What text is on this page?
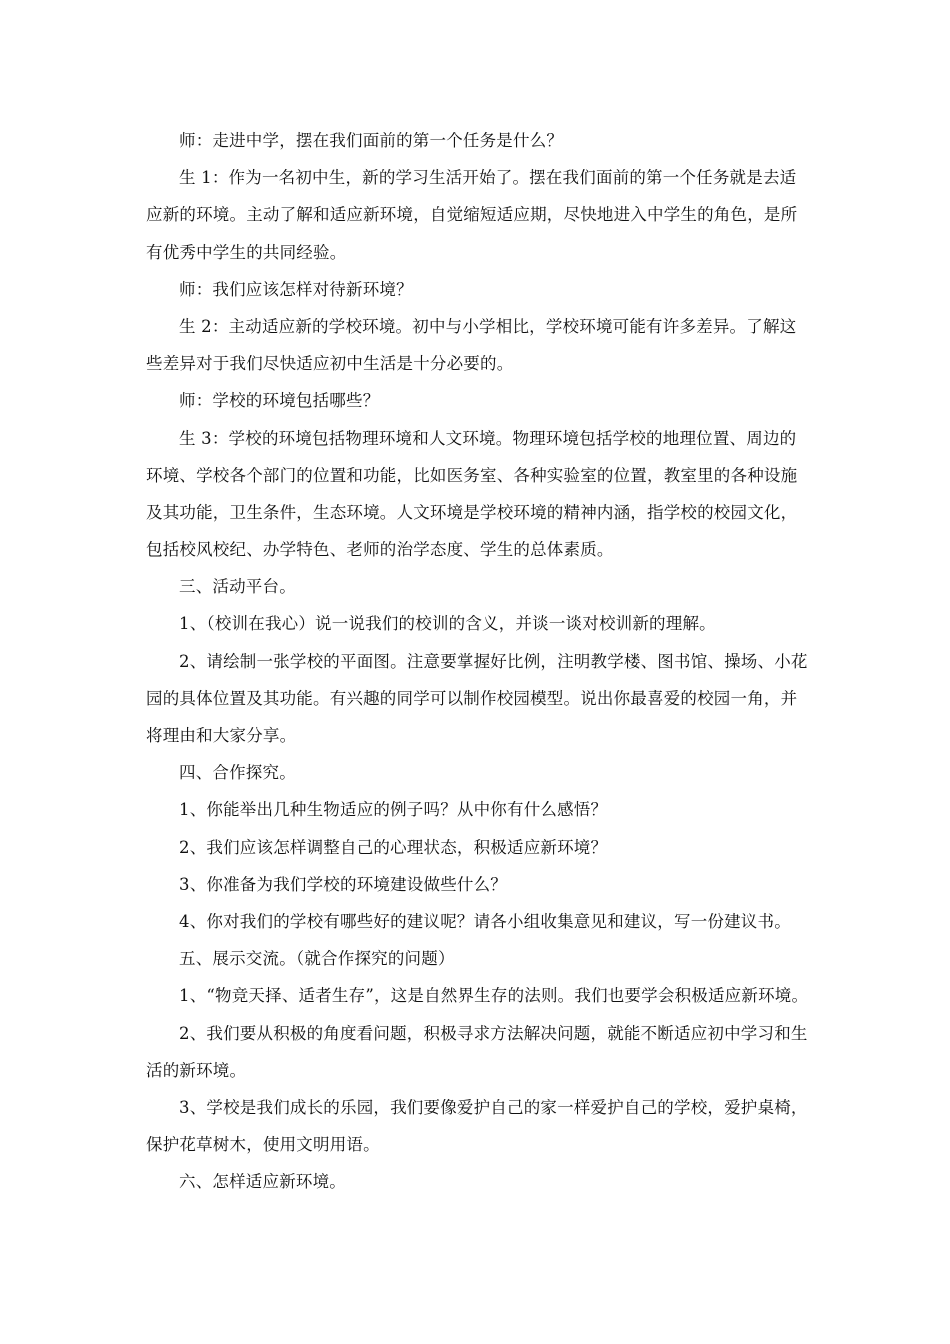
师：走进中学，摆在我们面前的第一个任务是什么？
生 1：作为一名初中生，新的学习生活开始了。摆在我们面前的第一个任务就是去适
应新的环境。主动了解和适应新环境，自觉缩短适应期，尽快地进入中学生的角色，是所
有优秀中学生的共同经验。
师：我们应该怎样对待新环境？
生 2：主动适应新的学校环境。初中与小学相比，学校环境可能有许多差异。了解这
些差异对于我们尽快适应初中生活是十分必要的。
师：学校的环境包括哪些？
生 3：学校的环境包括物理环境和人文环境。物理环境包括学校的地理位置、周边的
环境、学校各个部门的位置和功能，比如医务室、各种实验室的位置，教室里的各种设施
及其功能，卫生条件，生态环境。人文环境是学校环境的精神内涵，指学校的校园文化，
包括校风校纪、办学特色、老师的治学态度、学生的总体素质。
三、活动平台。
1、（校训在我心）说一说我们的校训的含义，并谈一谈对校训新的理解。
2、请绘制一张学校的平面图。注意要掌握好比例，注明教学楼、图书馆、操场、小花
园的具体位置及其功能。有兴趣的同学可以制作校园模型。说出你最喜爱的校园一角，并
将理由和大家分享。
四、合作探究。
1、你能举出几种生物适应的例子吗？从中你有什么感悟？
2、我们应该怎样调整自己的心理状态，积极适应新环境？
3、你准备为我们学校的环境建设做些什么？
4、你对我们的学校有哪些好的建议呢？请各小组收集意见和建议，写一份建议书。
五、展示交流。（就合作探究的问题）
1、“物竞天择、适者生存”，这是自然界生存的法则。我们也要学会积极适应新环境。
2、我们要从积极的角度看问题，积极寻求方法解决问题，就能不断适应初中学习和生
活的新环境。
3、学校是我们成长的乐园，我们要像爱护自己的家一样爱护自己的学校，爱护桌椅，
保护花草树木，使用文明用语。
六、怎样适应新环境。
